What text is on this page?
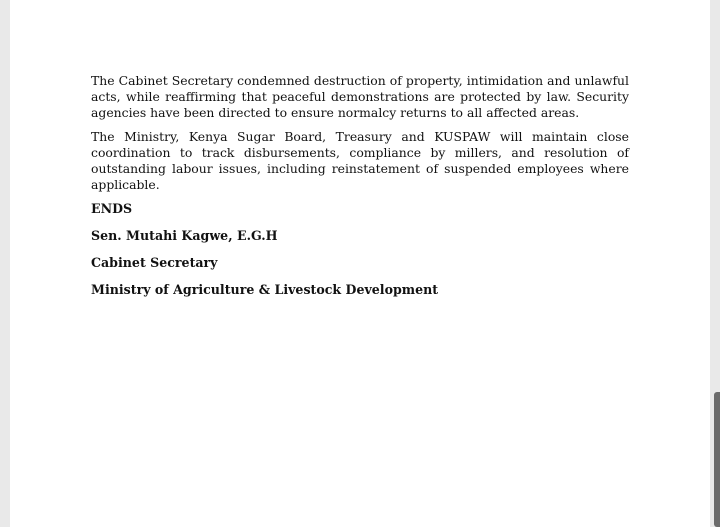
The Cabinet Secretary condemned destruction of property, intimidation and unlawful acts, while reaffirming that peaceful demonstrations are protected by law. Security agencies have been directed to ensure normalcy returns to all affected areas.

The Ministry, Kenya Sugar Board, Treasury and KUSPAW will maintain close coordination to track disbursements, compliance by millers, and resolution of outstanding labour issues, including reinstatement of suspended employees where applicable.

ENDS

Sen. Mutahi Kagwe, E.G.H

Cabinet Secretary

Ministry of Agriculture & Livestock Development
